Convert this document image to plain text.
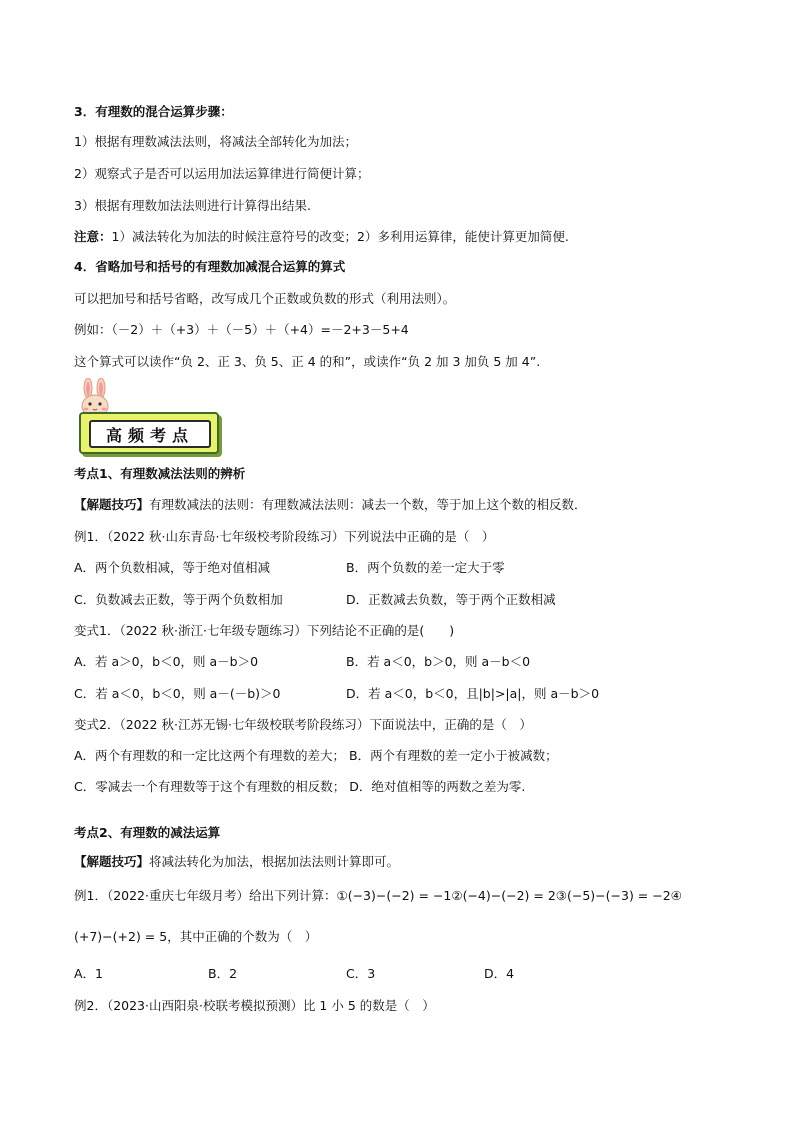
3．有理数的混合运算步骤：
1）根据有理数减法法则，将减法全部转化为加法；
2）观察式子是否可以运用加法运算律进行简便计算；
3）根据有理数加法法则进行计算得出结果.
注意：1）减法转化为加法的时候注意符号的改变；2）多利用运算律，能使计算更加简便.
4．省略加号和括号的有理数加减混合运算的算式
可以把加号和括号省略，改写成几个正数或负数的形式（利用法则）。
例如：（－2）＋（+3）＋（－5）＋（+4）=－2+3－5+4
这个算式可以读作“负 2、正 3、负 5、正 4 的和”，或读作“负 2 加 3 加负 5 加 4”.
高频考点
考点1、有理数减法法则的辨析
【解题技巧】有理数减法的法则：有理数减法法则：减去一个数，等于加上这个数的相反数．
例1．（2022 秋·山东青岛·七年级校考阶段练习）下列说法中正确的是（　）
A．两个负数相减，等于绝对值相减	B．两个负数的差一定大于零
C．负数减去正数，等于两个负数相加	D．正数减去负数，等于两个正数相减
变式1．（2022 秋·浙江·七年级专题练习）下列结论不正确的是(　　)
A．若 a＞0，b＜0，则 a－b＞0	B．若 a＜0，b＞0，则 a－b＜0
C．若 a＜0，b＜0，则 a－(－b)＞0	D．若 a＜0，b＜0，且|b|>|a|，则 a－b＞0
变式2．（2022 秋·江苏无锡·七年级校联考阶段练习）下面说法中，正确的是（　）
A．两个有理数的和一定比这两个有理数的差大； B．两个有理数的差一定小于被减数；
C．零减去一个有理数等于这个有理数的相反数； D．绝对值相等的两数之差为零.
考点2、有理数的减法运算
【解题技巧】将减法转化为加法，根据加法法则计算即可。
例1．（2022·重庆七年级月考）给出下列计算：①(−3)−(−2) = −1②(−4)−(−2) = 2③(−5)−(−3) = −2④
(+7)−(+2) = 5，其中正确的个数为（　）
A．1	B．2	C．3	D．4
例2．（2023·山西阳泉·校联考模拟预测）比 1 小 5 的数是（　）
